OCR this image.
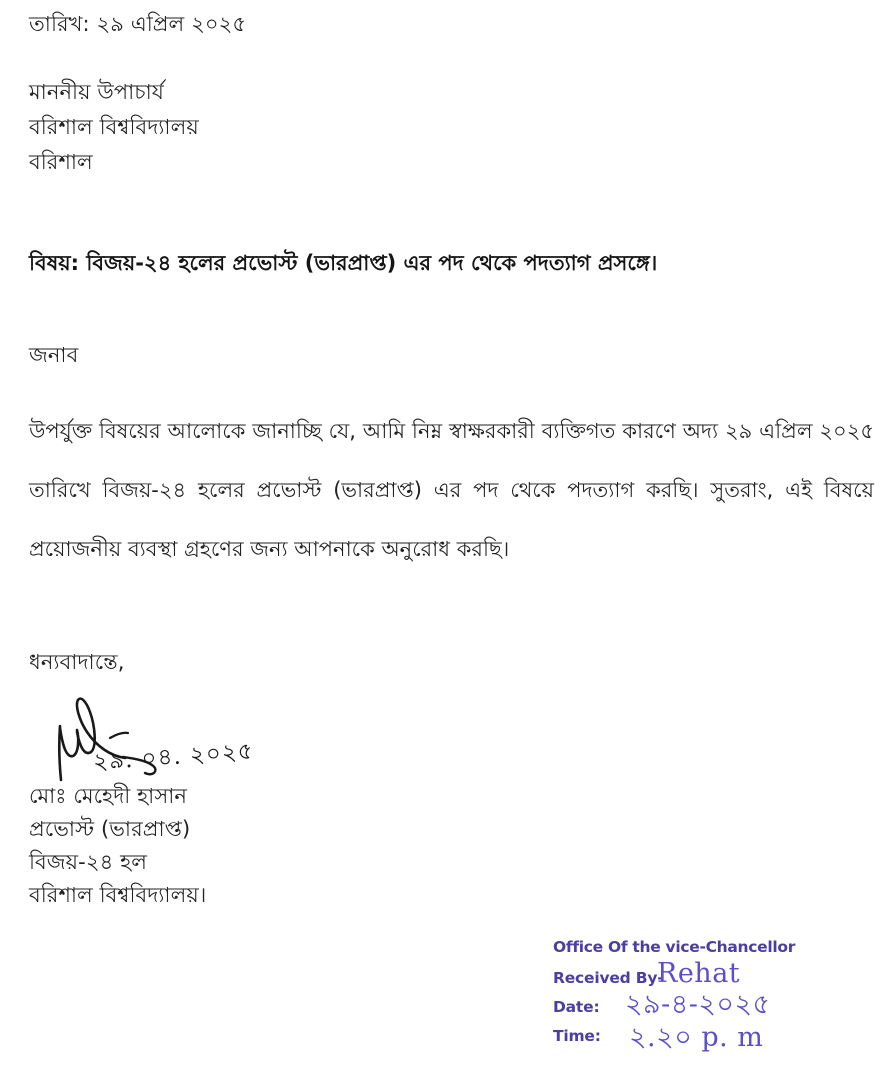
তারিখ: ২৯ এপ্রিল ২০২৫
মাননীয় উপাচার্য
বরিশাল বিশ্ববিদ্যালয়
বরিশাল
বিষয়: বিজয়-২৪ হলের প্রভোস্ট (ভারপ্রাপ্ত) এর পদ থেকে পদত্যাগ প্রসঙ্গে।
জনাব
উপর্যুক্ত বিষয়ের আলোকে জানাচ্ছি যে, আমি নিম্ন স্বাক্ষরকারী ব্যক্তিগত কারণে অদ্য ২৯ এপ্রিল ২০২৫
তারিখে বিজয়-২৪ হলের প্রভোস্ট (ভারপ্রাপ্ত) এর পদ থেকে পদত্যাগ করছি। সুতরাং, এই বিষয়ে
প্রয়োজনীয় ব্যবস্থা গ্রহণের জন্য আপনাকে অনুরোধ করছি।
ধন্যবাদান্তে,
২৯. ০৪. ২০২৫
মোঃ মেহেদী হাসান
প্রভোস্ট (ভারপ্রাপ্ত)
বিজয়-২৪ হল
বরিশাল বিশ্ববিদ্যালয়।
Office Of the vice-Chancellor
Received By-
Rehat
Date: ২৯-৪-২০২৫
Time:	২.২০ p. m
